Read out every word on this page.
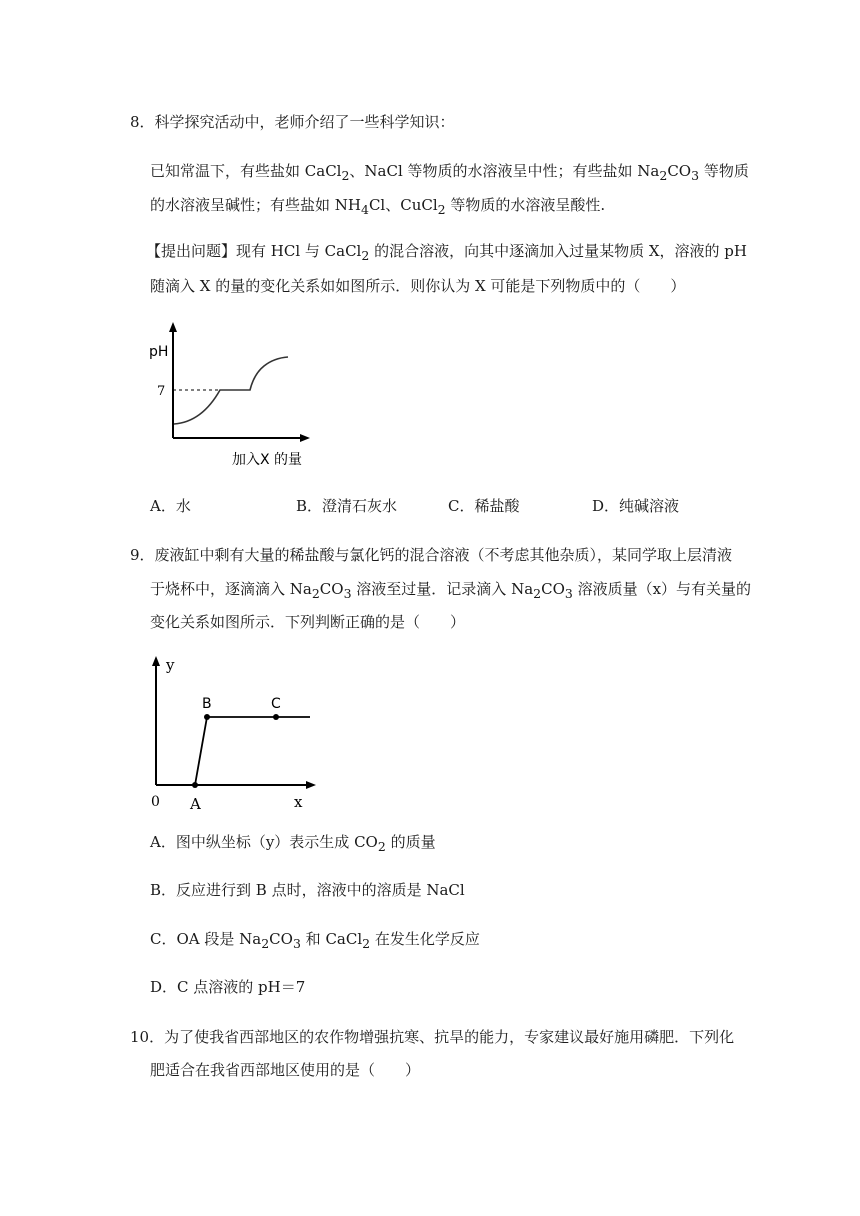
8．科学探究活动中，老师介绍了一些科学知识：
已知常温下，有些盐如 CaCl$_2$、NaCl 等物质的水溶液呈中性；有些盐如 $Na_2CO_3$ 等物质
的水溶液呈碱性；有些盐如 $NH_4Cl$、CuCl$_2$ 等物质的水溶液呈酸性.
【提出问题】现有 HCl 与 CaCl$_2$ 的混合溶液，向其中逐滴加入过量某物质 X，溶液的 pH
随滴入 X 的量的变化关系如如图所示．则你认为 X 可能是下列物质中的（　　）
pH
7
加入X 的量
A．水	B．澄清石灰水	C．稀盐酸	D．纯碱溶液
9．废液缸中剩有大量的稀盐酸与氯化钙的混合溶液（不考虑其他杂质），某同学取上层清液
于烧杯中，逐滴滴入 $Na_2CO_3$ 溶液至过量．记录滴入 $Na_2CO_3$ 溶液质量（x）与有关量的
变化关系如图所示．下列判断正确的是（　　）
y
x
0 A
B	C
A．图中纵坐标（y）表示生成 $CO_2$ 的质量
B．反应进行到 B 点时，溶液中的溶质是 NaCl
C．OA 段是 $Na_2CO_3$ 和 CaCl$_2$ 在发生化学反应
D．C 点溶液的 pH＝7
10．为了使我省西部地区的农作物增强抗寒、抗旱的能力，专家建议最好施用磷肥．下列化
肥适合在我省西部地区使用的是（　　）
